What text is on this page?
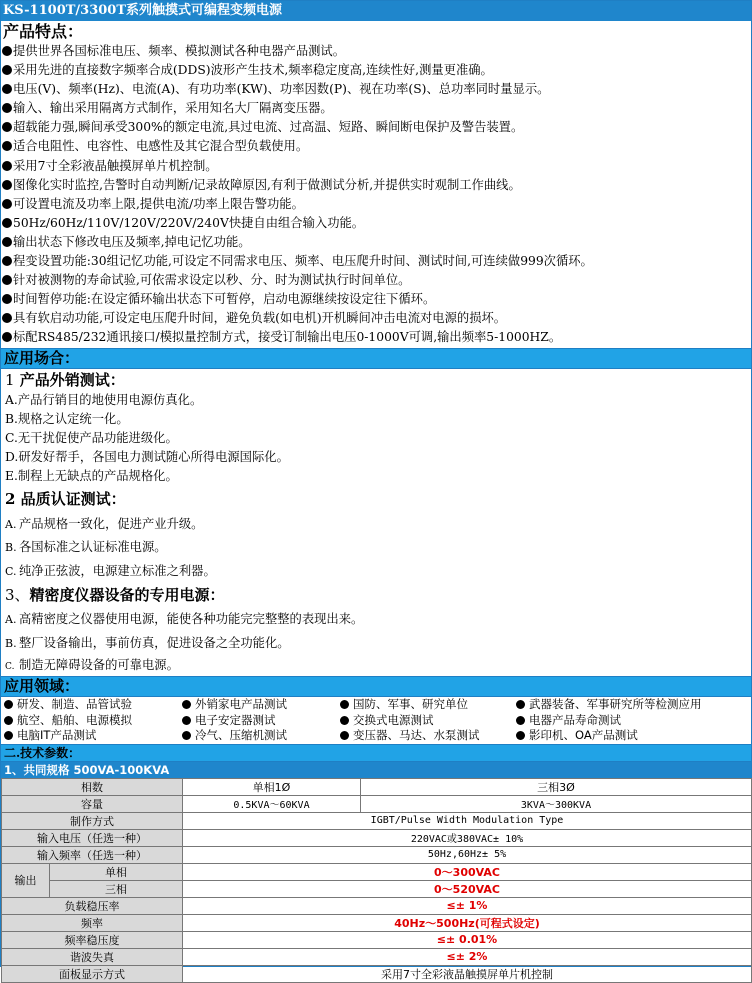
KS-1100T/3300T系列触摸式可编程变频电源
产品特点：
提供世界各国标准电压、频率、模拟测试各种电器产品测试。
采用先进的直接数字频率合成(DDS)波形产生技术,频率稳定度高,连续性好,测量更准确。
电压(V)、频率(Hz)、电流(A)、有功功率(KW)、功率因数(P)、视在功率(S)、总功率同时量显示。
输入、输出采用隔离方式制作，采用知名大厂隔离变压器。
超载能力强,瞬间承受300%的额定电流,具过电流、过高温、短路、瞬间断电保护及警告装置。
适合电阻性、电容性、电感性及其它混合型负载使用。
采用7寸全彩液晶触摸屏单片机控制。
图像化实时监控,告警时自动判断/记录故障原因,有利于做测试分析,并提供实时观制工作曲线。
可设置电流及功率上限,提供电流/功率上限告警功能。
50Hz/60Hz/110V/120V/220V/240V快捷自由组合输入功能。
输出状态下修改电压及频率,掉电记忆功能。
程变设置功能:30组记忆功能,可设定不同需求电压、频率、电压爬升时间、测试时间,可连续做999次循环。
针对被测物的寿命试验,可依需求设定以秒、分、时为测试执行时间单位。
时间暂停功能:在设定循环输出状态下可暂停，启动电源继续按设定往下循环。
具有软启动功能,可设定电压爬升时间，避免负载(如电机)开机瞬间冲击电流对电源的损坏。
标配RS485/232通讯接口/模拟量控制方式，接受订制输出电压0-1000V可调,输出频率5-1000HZ。
应用场合：
1 产品外销测试：
A.产品行销目的地使用电源仿真化。
B.规格之认定统一化。
C.无干扰促使产品功能进级化。
D.研发好帮手，各国电力测试随心所得电源国际化。
E.制程上无缺点的产品规格化。
2 品质认证测试：
A. 产品规格一致化，促进产业升级。
B. 各国标准之认证标准电源。
C. 纯净正弦波，电源建立标准之利器。
3、精密度仪器设备的专用电源：
A. 高精密度之仪器使用电源，能使各种功能完完整整的表现出来。
B. 整厂设备输出，事前仿真，促进设备之全功能化。
C. 制造无障碍设备的可靠电源。
应用领域：
研发、制造、品管试验	外销家电产品测试	国防、军事、研究单位	武器装备、军事研究所等检测应用
航空、船舶、电源模拟	电子安定器测试	交换式电源测试	电器产品寿命测试
电脑IT产品测试	冷气、压缩机测试	变压器、马达、水泵测试	影印机、OA产品测试
二.技术参数：
1、共同规格 500VA-100KVA
相数		单相1Ø	三相3Ø
容量		0.5KVA～60KVA	3KVA～300KVA
制作方式		IGBT/Pulse Width Modulation Type	
输入电压（任选一种）		220VAC或380VAC± 10%	
输入频率（任选一种）		50Hz,60Hz± 5%	
输出	单相	0～300VAC	
	三相	0～520VAC	
负载稳压率		≤± 1%	
频率		40Hz～500Hz(可程式设定)	
频率稳压度		≤± 0.01%	
谐波失真		≤± 2%	
面板显示方式		采用7寸全彩液晶触摸屏单片机控制	
